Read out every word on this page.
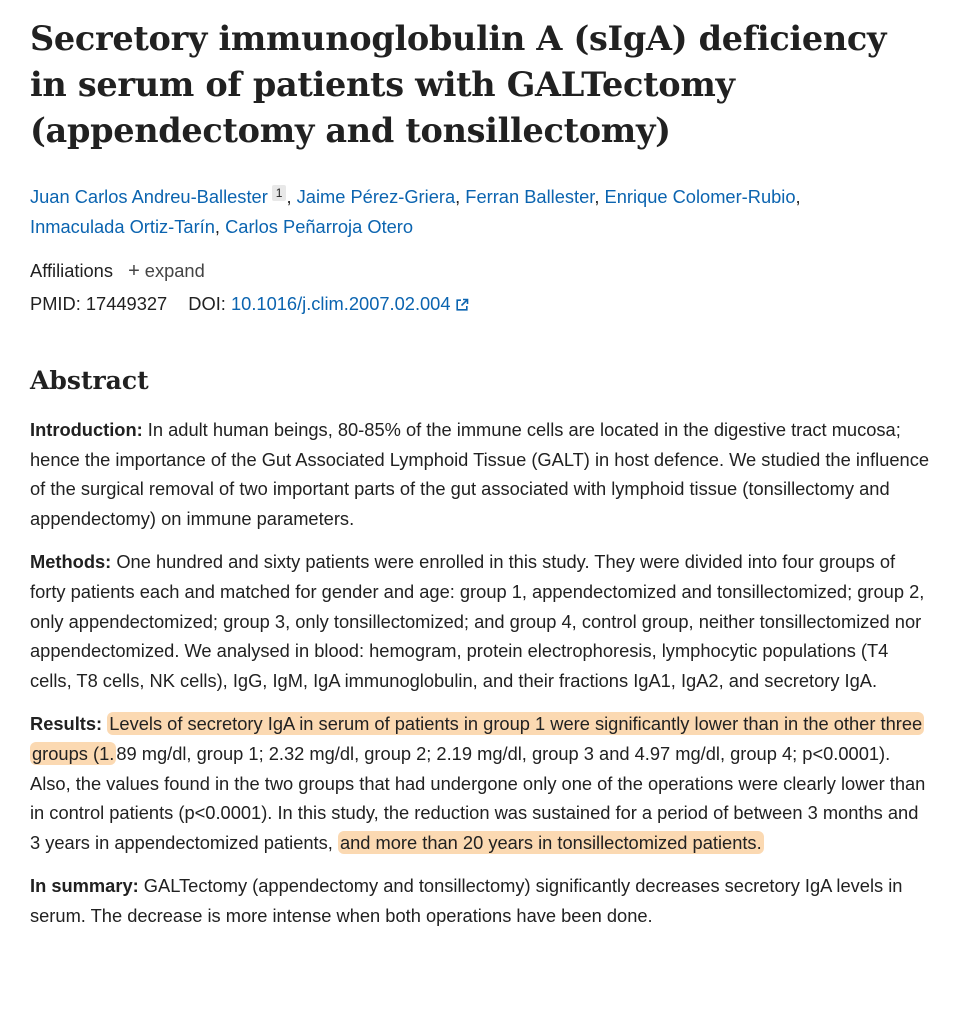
Secretory immunoglobulin A (sIgA) deficiency in serum of patients with GALTectomy (appendectomy and tonsillectomy)
Juan Carlos Andreu-Ballester 1 , Jaime Pérez-Griera, Ferran Ballester, Enrique Colomer-Rubio,
Inmaculada Ortiz-Tarín, Carlos Peñarroja Otero
Affiliations + expand
PMID: 17449327 DOI: 10.1016/j.clim.2007.02.004
Abstract

Introduction: In adult human beings, 80-85% of the immune cells are located in the digestive tract mucosa; hence the importance of the Gut Associated Lymphoid Tissue (GALT) in host defence. We studied the influence of the surgical removal of two important parts of the gut associated with lymphoid tissue (tonsillectomy and appendectomy) on immune parameters.

Methods: One hundred and sixty patients were enrolled in this study. They were divided into four groups of forty patients each and matched for gender and age: group 1, appendectomized and tonsillectomized; group 2, only appendectomized; group 3, only tonsillectomized; and group 4, control group, neither tonsillectomized nor appendectomized. We analysed in blood: hemogram, protein electrophoresis, lymphocytic populations (T4 cells, T8 cells, NK cells), IgG, IgM, IgA immunoglobulin, and their fractions IgA1, IgA2, and secretory IgA.

Results: Levels of secretory IgA in serum of patients in group 1 were significantly lower than in the other three groups (1. 89 mg/dl, group 1; 2.32 mg/dl, group 2; 2.19 mg/dl, group 3 and 4.97 mg/dl, group 4; p<0.0001). Also, the values found in the two groups that had undergone only one of the operations were clearly lower than in control patients (p<0.0001). In this study, the reduction was sustained for a period of between 3 months and 3 years in appendectomized patients, and more than 20 years in tonsillectomized patients.

In summary: GALTectomy (appendectomy and tonsillectomy) significantly decreases secretory IgA levels in serum. The decrease is more intense when both operations have been done.
